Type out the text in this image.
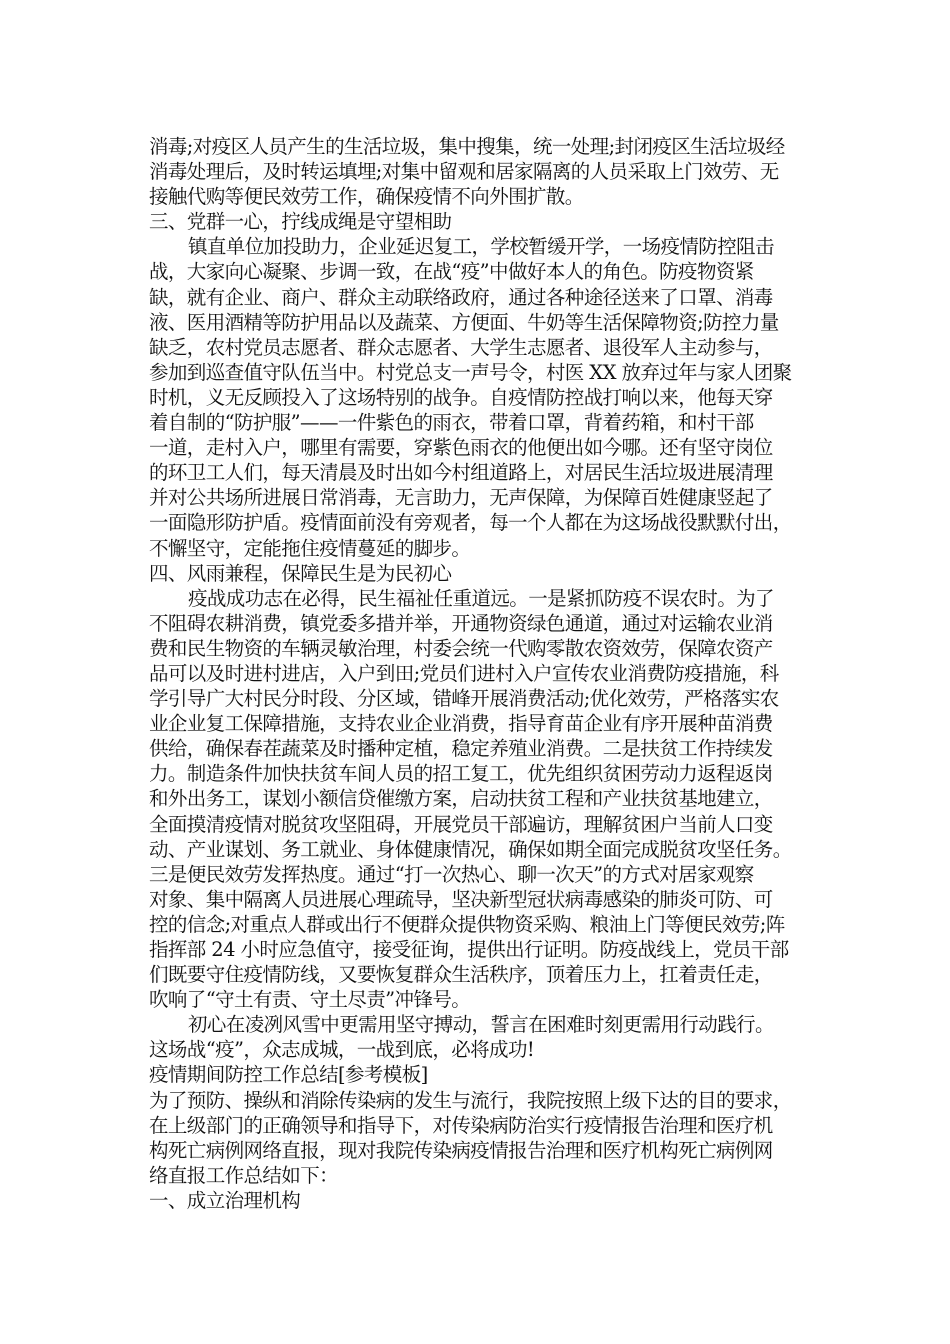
消毒;对疫区人员产生的生活垃圾，集中搜集，统一处理;封闭疫区生活垃圾经
消毒处理后，及时转运填埋;对集中留观和居家隔离的人员采取上门效劳、无
接触代购等便民效劳工作，确保疫情不向外围扩散。
三、党群一心，拧线成绳是守望相助
镇直单位加投助力，企业延迟复工，学校暂缓开学，一场疫情防控阻击
战，大家向心凝聚、步调一致，在战“疫”中做好本人的角色。防疫物资紧
缺，就有企业、商户、群众主动联络政府，通过各种途径送来了口罩、消毒
液、医用酒精等防护用品以及蔬菜、方便面、牛奶等生活保障物资;防控力量
缺乏，农村党员志愿者、群众志愿者、大学生志愿者、退役军人主动参与，
参加到巡查值守队伍当中。村党总支一声号令，村医 XX 放弃过年与家人团聚
时机，义无反顾投入了这场特别的战争。自疫情防控战打响以来，他每天穿
着自制的“防护服”——一件紫色的雨衣，带着口罩，背着药箱，和村干部
一道，走村入户，哪里有需要，穿紫色雨衣的他便出如今哪。还有坚守岗位
的环卫工人们，每天清晨及时出如今村组道路上，对居民生活垃圾进展清理
并对公共场所进展日常消毒，无言助力，无声保障，为保障百姓健康竖起了
一面隐形防护盾。疫情面前没有旁观者，每一个人都在为这场战役默默付出，
不懈坚守，定能拖住疫情蔓延的脚步。
四、风雨兼程，保障民生是为民初心
疫战成功志在必得，民生福祉任重道远。一是紧抓防疫不误农时。为了
不阻碍农耕消费，镇党委多措并举，开通物资绿色通道，通过对运输农业消
费和民生物资的车辆灵敏治理，村委会统一代购零散农资效劳，保障农资产
品可以及时进村进店，入户到田;党员们进村入户宣传农业消费防疫措施，科
学引导广大村民分时段、分区域，错峰开展消费活动;优化效劳，严格落实农
业企业复工保障措施，支持农业企业消费，指导育苗企业有序开展种苗消费
供给，确保春茬蔬菜及时播种定植，稳定养殖业消费。二是扶贫工作持续发
力。制造条件加快扶贫车间人员的招工复工，优先组织贫困劳动力返程返岗
和外出务工，谋划小额信贷催缴方案，启动扶贫工程和产业扶贫基地建立，
全面摸清疫情对脱贫攻坚阻碍，开展党员干部遍访，理解贫困户当前人口变
动、产业谋划、务工就业、身体健康情况，确保如期全面完成脱贫攻坚任务。
三是便民效劳发挥热度。通过“打一次热心、聊一次天”的方式对居家观察
对象、集中隔离人员进展心理疏导，坚决新型冠状病毒感染的肺炎可防、可
控的信念;对重点人群或出行不便群众提供物资采购、粮油上门等便民效劳;阵
指挥部 24 小时应急值守，接受征询，提供出行证明。防疫战线上，党员干部
们既要守住疫情防线，又要恢复群众生活秩序，顶着压力上，扛着责任走，
吹响了“守土有责、守土尽责”冲锋号。
初心在凌冽风雪中更需用坚守搏动，誓言在困难时刻更需用行动践行。
这场战“疫”，众志成城，一战到底，必将成功!
疫情期间防控工作总结[参考模板]
为了预防、操纵和消除传染病的发生与流行，我院按照上级下达的目的要求，
在上级部门的正确领导和指导下，对传染病防治实行疫情报告治理和医疗机
构死亡病例网络直报，现对我院传染病疫情报告治理和医疗机构死亡病例网
络直报工作总结如下：
一、成立治理机构
